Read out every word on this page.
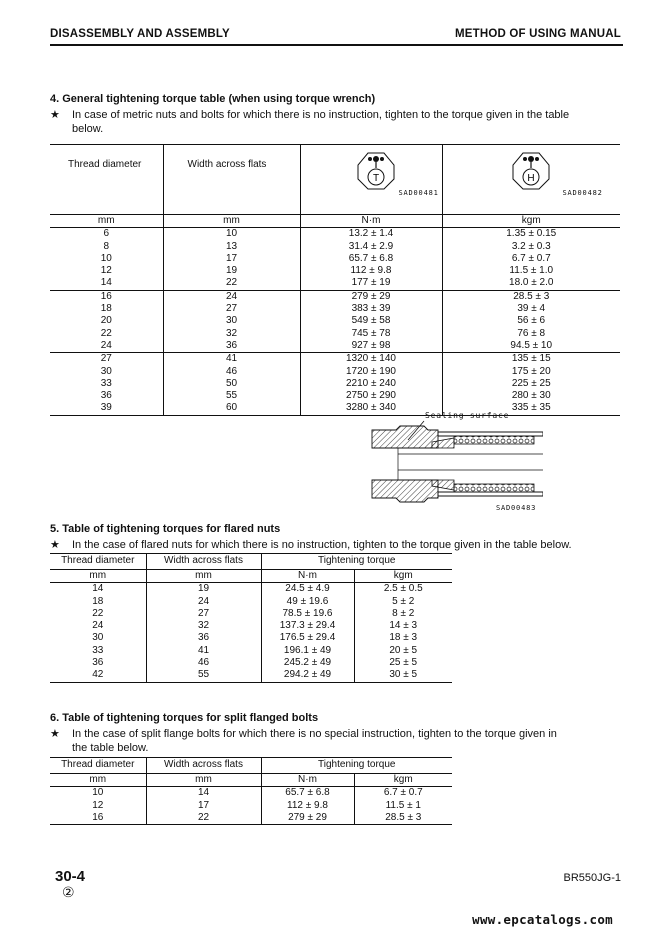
DISASSEMBLY AND ASSEMBLY	METHOD OF USING MANUAL
4. General tightening torque table (when using torque wrench)
★ In case of metric nuts and bolts for which there is no instruction, tighten to the torque given in the table
below.
Thread diameter	Width across flats	T
SAD00481	H
SAD00482

mm	mm	N·m	kgm
6	10	13.2 ± 1.4	1.35 ± 0.15
8	13	31.4 ± 2.9	3.2 ± 0.3
10	17	65.7 ± 6.8	6.7 ± 0.7
12	19	112 ± 9.8	11.5 ± 1.0
14	22	177 ± 19	18.0 ± 2.0
16	24	279 ± 29	28.5 ± 3
18	27	383 ± 39	39 ± 4
20	30	549 ± 58	56 ± 6
22	32	745 ± 78	76 ± 8
24	36	927 ± 98	94.5 ± 10
27	41	1320 ± 140	135 ± 15
30	46	1720 ± 190	175 ± 20
33	50	2210 ± 240	225 ± 25
36	55	2750 ± 290	280 ± 30
39	60	3280 ± 340	335 ± 35
Sealing surface
SAD00483
5. Table of tightening torques for flared nuts
★ In the case of flared nuts for which there is no instruction, tighten to the torque given in the table below.
Thread diameter	Width across flats	Tightening torque	
mm	mm	N·m	kgm
14	19	24.5 ± 4.9	2.5 ± 0.5
18	24	49 ± 19.6	5 ± 2
22	27	78.5 ± 19.6	8 ± 2
24	32	137.3 ± 29.4	14 ± 3
30	36	176.5 ± 29.4	18 ± 3
33	41	196.1 ± 49	20 ± 5
36	46	245.2 ± 49	25 ± 5
42	55	294.2 ± 49	30 ± 5
6. Table of tightening torques for split flanged bolts
★ In the case of split flange bolts for which there is no special instruction, tighten to the torque given in
the table below.
Thread diameter	Width across flats	Tightening torque	
mm	mm	N·m	kgm
10	14	65.7 ± 6.8	6.7 ± 0.7
12	17	112 ± 9.8	11.5 ± 1
16	22	279 ± 29	28.5 ± 3
30-4
②
BR550JG-1
www.epcatalogs.com
